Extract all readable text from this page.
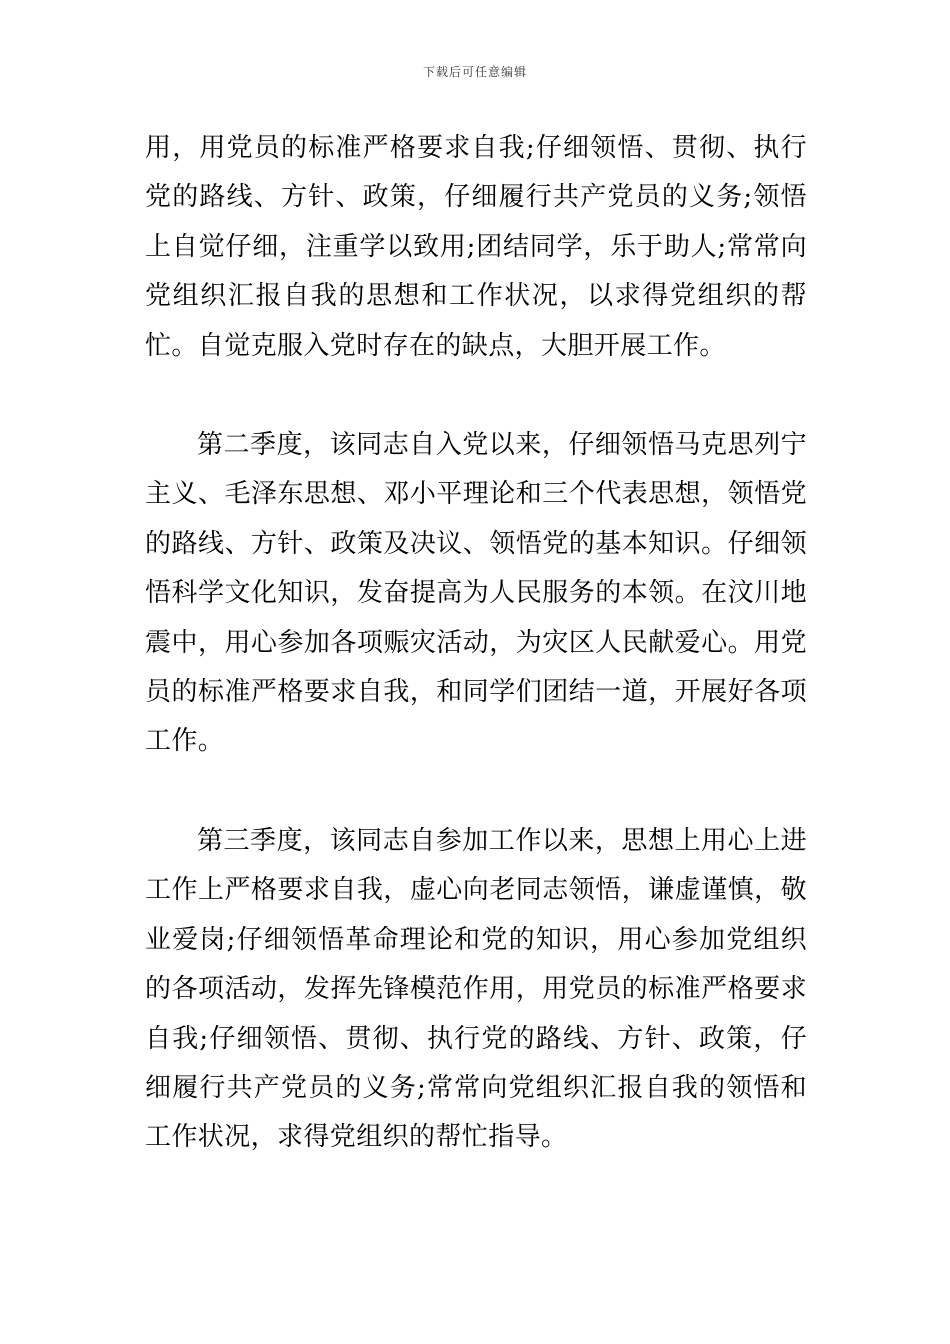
下载后可任意编辑

用，用党员的标准严格要求自我;仔细领悟、贯彻、执行党的路线、方针、政策，仔细履行共产党员的义务;领悟上自觉仔细，注重学以致用;团结同学，乐于助人;常常向党组织汇报自我的思想和工作状况，以求得党组织的帮忙。自觉克服入党时存在的缺点，大胆开展工作。

第二季度，该同志自入党以来，仔细领悟马克思列宁主义、毛泽东思想、邓小平理论和三个代表思想，领悟党的路线、方针、政策及决议、领悟党的基本知识。仔细领悟科学文化知识，发奋提高为人民服务的本领。在汶川地震中，用心参加各项赈灾活动，为灾区人民献爱心。用党员的标准严格要求自我，和同学们团结一道，开展好各项工作。

第三季度，该同志自参加工作以来，思想上用心上进工作上严格要求自我，虚心向老同志领悟，谦虚谨慎，敬业爱岗;仔细领悟革命理论和党的知识，用心参加党组织的各项活动，发挥先锋模范作用，用党员的标准严格要求自我;仔细领悟、贯彻、执行党的路线、方针、政策，仔细履行共产党员的义务;常常向党组织汇报自我的领悟和工作状况，求得党组织的帮忙指导。
